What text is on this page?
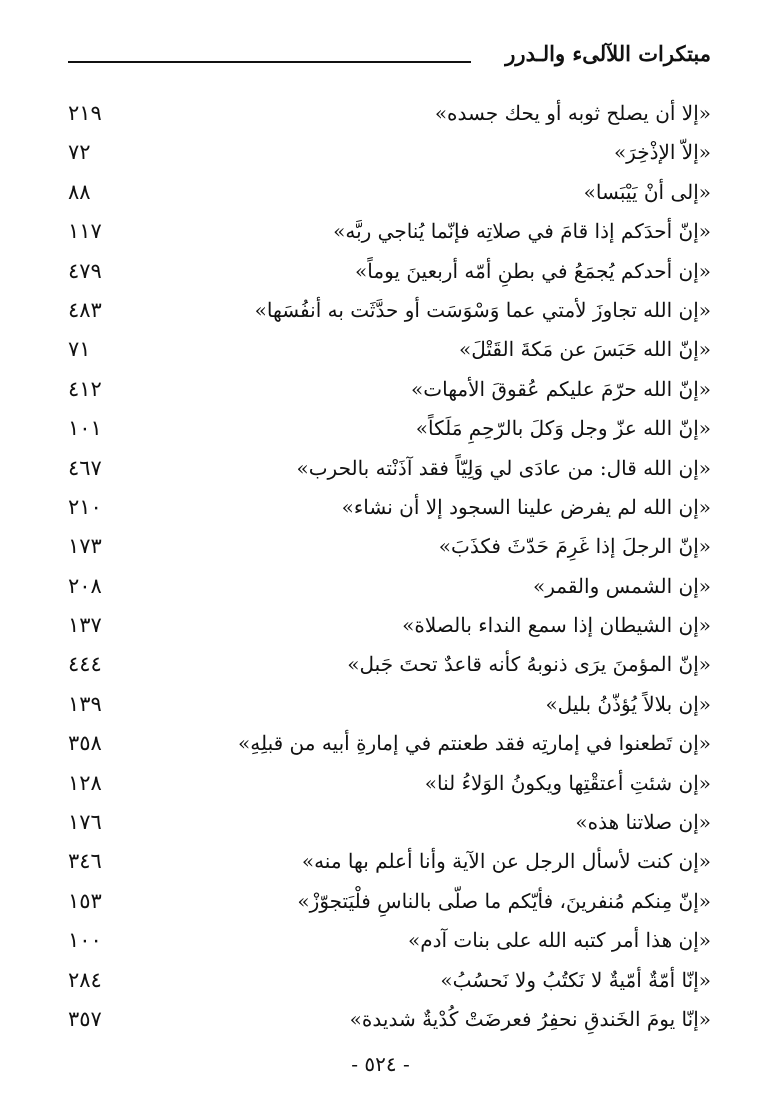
مبتكرات اللآلىء والـدرر
«إلا أن يصلح ثوبه أو يحك جسده»
٢١٩
«إلاّ الإذْخِرَ»
٧٢
«إلى أنْ يَيْبَسا»
٨٨
«إنّ أحدَكم إذا قامَ في صلاتِه فإنّما يُناجي ربَّه»
١١٧
«إن أحدكم يُجمَعُ في بطنِ أمّه أربعينَ يوماً»
٤٧٩
«إن الله تجاوزَ لأمتي عما وَسْوَسَت أو حدَّثَت به أنفُسَها»
٤٨٣
«إنّ الله حَبَسَ عن مَكةَ القَتْلَ»
٧١
«إنّ الله حرّمَ عليكم عُقوقَ الأمهات»
٤١٢
«إنّ الله عزّ وجل وَكلَ بالرّحِمِ مَلَكاً»
١٠١
«إن الله قال: من عادَى لي وَلِيّاً فقد آذَنْته بالحرب»
٤٦٧
«إن الله لم يفرض علينا السجود إلا أن نشاء»
٢١٠
«إنّ الرجلَ إذا غَرِمَ حَدّثَ فكذَبَ»
١٧٣
«إن الشمس والقمر»
٢٠٨
«إن الشيطان إذا سمع النداء بالصلاة»
١٣٧
«إنّ المؤمنَ يرَى ذنوبهُ كأنه قاعدٌ تحتَ جَبل»
٤٤٤
«إن بلالاً يُؤذّنُ بليل»
١٣٩
«إن تَطعنوا في إمارتِه فقد طعنتم في إمارةِ أبيه من قبلِهِ»
٣٥٨
«إن شئتِ أعتقْتِها ويكونُ الوَلاءُ لنا»
١٢٨
«إن صلاتنا هذه»
١٧٦
«إن كنت لأسأل الرجل عن الآية وأنا أعلم بها منه»
٣٤٦
«إنّ مِنكم مُنفرينَ، فأيّكم ما صلّى بالناسِ فلْيَتجوّزْ»
١٥٣
«إن هذا أمر كتبه الله على بنات آدم»
١٠٠
«إنّا أمّةٌ أمّيةٌ لا نَكتُبُ ولا نَحسُبُ»
٢٨٤
«إنّا يومَ الخَندقِ نحفِرُ فعرضَتْ كُدْيةٌ شديدة»
٣٥٧
- ٥٢٤ -
